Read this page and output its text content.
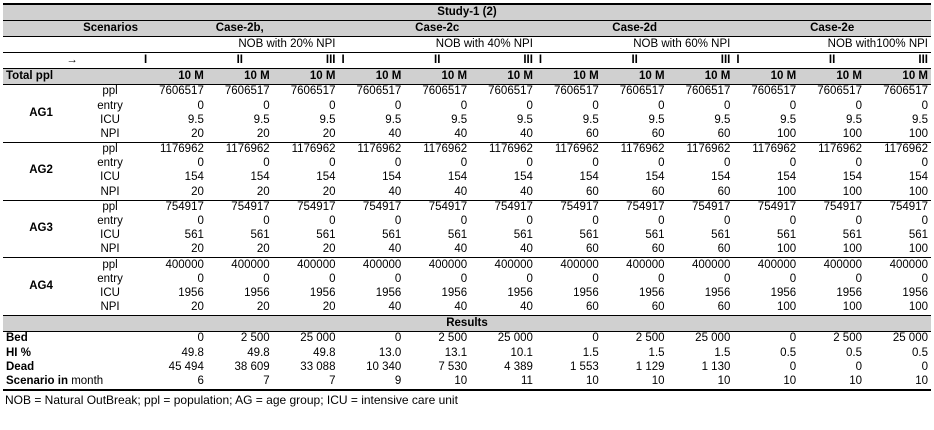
Study-1 (2)													
Scenarios		Case-2b,			Case-2c			Case-2d			Case-2e		
		NOB with 20% NPI			NOB with 40% NPI			NOB with 60% NPI			NOB with100% NPI		
→		I	II	III	I	II	III	I	II	III	I	II	III
Total ppl		10 M	10 M	10 M	10 M	10 M	10 M	10 M	10 M	10 M	10 M	10 M	10 M
AG1	ppl	7606517	7606517	7606517	7606517	7606517	7606517	7606517	7606517	7606517	7606517	7606517	7606517
	entry	0	0	0	0	0	0	0	0	0	0	0	0
	ICU	9.5	9.5	9.5	9.5	9.5	9.5	9.5	9.5	9.5	9.5	9.5	9.5
	NPI	20	20	20	40	40	40	60	60	60	100	100	100
AG2	ppl	1176962	1176962	1176962	1176962	1176962	1176962	1176962	1176962	1176962	1176962	1176962	1176962
	entry	0	0	0	0	0	0	0	0	0	0	0	0
	ICU	154	154	154	154	154	154	154	154	154	154	154	154
	NPI	20	20	20	40	40	40	60	60	60	100	100	100
AG3	ppl	754917	754917	754917	754917	754917	754917	754917	754917	754917	754917	754917	754917
	entry	0	0	0	0	0	0	0	0	0	0	0	0
	ICU	561	561	561	561	561	561	561	561	561	561	561	561
	NPI	20	20	20	40	40	40	60	60	60	100	100	100
AG4	ppl	400000	400000	400000	400000	400000	400000	400000	400000	400000	400000	400000	400000
	entry	0	0	0	0	0	0	0	0	0	0	0	0
	ICU	1956	1956	1956	1956	1956	1956	1956	1956	1956	1956	1956	1956
	NPI	20	20	20	40	40	40	60	60	60	100	100	100
Results													
Bed		0	2 500	25 000	0	2 500	25 000	0	2 500	25 000	0	2 500	25 000
HI %		49.8	49.8	49.8	13.0	13.1	10.1	1.5	1.5	1.5	0.5	0.5	0.5
Dead		45 494	38 609	33 088	10 340	7 530	4 389	1 553	1 129	1 130	0	0	0
Scenario in month		6	7	7	9	10	11	10	10	10	10	10	10
NOB = Natural OutBreak; ppl = population; AG = age group; ICU = intensive care unit
